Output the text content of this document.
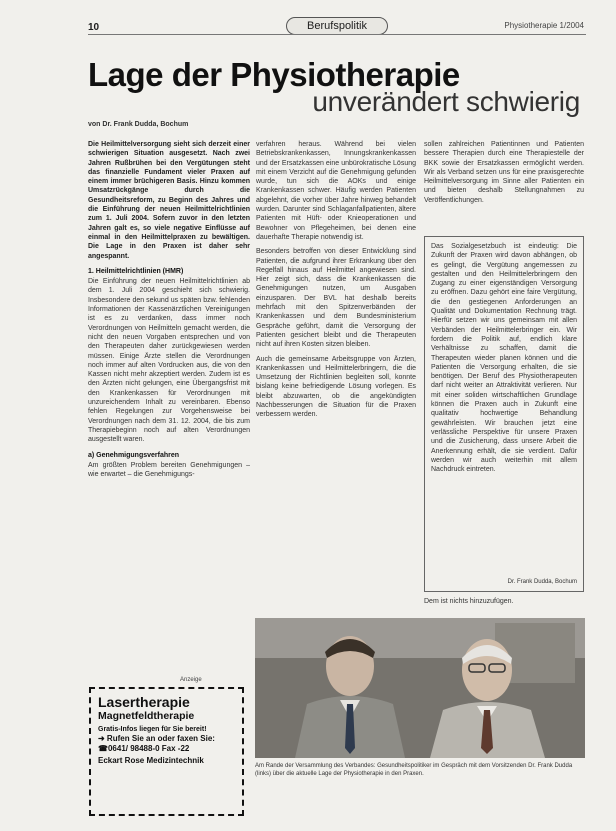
10	Berufspolitik	Physiotherapie 1/2004
Lage der Physiotherapie
unverändert schwierig
von Dr. Frank Dudda, Bochum

Die Heilmittelversorgung sieht sich derzeit einer schwierigen Situation ausgesetzt. Nach zwei Jahren Rußbrühen bei den Vergütungen steht das finanzielle Fundament vieler Praxen auf einem immer brüchigeren Basis. Hinzu kommen Umsatzrückgänge durch die Gesundheitsreform, zu Beginn des Jahres und die Einführung der neuen Heilmittelrichtlinien zum 1. Juli 2004. Sofern zuvor in den letzten Jahren galt es, so viele negative Einflüsse auf einmal in den Heilmittelpraxen zu bewältigen. Die Lage in den Praxen ist daher sehr angespannt.

1. Heilmittelrichtlinien (HMR)

Die Einführung der neuen Heilmittelrichtlinien ab dem 1. Juli 2004 geschieht sich schwierig. Insbesondere den sekund us späten bzw. fehlenden Informationen der Kassenärztlichen Vereinigungen ist es zu verdanken, dass immer noch Verordnungen von Heilmitteln gemacht werden, die nicht den neuen Vorgaben entsprechen und von den Therapeuten daher zurückgewiesen werden müssen. Einige Ärzte stellen die Verordnungen noch immer auf alten Vordrucken aus, die von den Kassen nicht mehr akzeptiert werden. Zudem ist es den Ärzten nicht gelungen, eine Übergangsfrist mit den Krankenkassen für Verordnungen mit unzureichendem Inhalt zu vereinbaren. Ebenso fehlen Regelungen zur Vorgehensweise bei Verordnungen nach dem 31. 12. 2004, die bis zum Therapiebeginn noch auf alten Verordnungen ausgestellt waren.

a) Genehmigungsverfahren

Am größten Problem bereiten Genehmigungen – wie erwartet – die Genehmigungs-

verfahren heraus. Während bei vielen Betriebskrankenkassen, Innungskrankenkassen und der Ersatzkassen eine unbürokratische Lösung mit einem Verzicht auf die Genehmigung gefunden wurde, tun sich die AOKs und einige Krankenkassen schwer. Häufig werden Patienten abgelehnt, die vorher über Jahre hinweg behandelt wurden. Darunter sind Schlaganfallpatienten, ältere Patienten mit Hüft- oder Knieoperationen und Bewohner von Pflegeheimen, bei denen eine dauerhafte Therapie notwendig ist.

Besonders betroffen von dieser Entwicklung sind Patienten, die aufgrund ihrer Erkrankung über den Regelfall hinaus auf Heilmittel angewiesen sind. Hier zeigt sich, dass die Krankenkassen die Genehmigungen nutzen, um Ausgaben einzusparen. Der BVL hat deshalb bereits mehrfach mit den Spitzenverbänden der Krankenkassen und dem Bundesministerium Gespräche geführt, damit die Versorgung der Patienten gesichert bleibt und die Therapeuten nicht auf ihren Kosten sitzen bleiben.

Auch die gemeinsame Arbeitsgruppe von Ärzten, Krankenkassen und Heilmittelerbringern, die die Umsetzung der Richtlinien begleiten soll, konnte bislang keine befriedigende Lösung vorlegen. Es bleibt abzuwarten, ob die angekündigten Nachbesserungen die Situation für die Praxen verbessern werden.

sollen zahlreichen Patientinnen und Patienten bessere Therapien durch eine Therapiestelle der BKK sowie der Ersatzkassen ermöglicht werden. Wir als Verband setzen uns für eine praxisgerechte Heilmittelversorgung im Sinne aller Patienten ein und bieten deshalb Stellungnahmen zu Veröffentlichungen.

Das Sozialgesetzbuch ist eindeutig: Die Zukunft der Praxen wird davon abhängen, ob es gelingt, die Vergütung angemessen zu gestalten und den Heilmittelerbringern den Zugang zu einer eigenständigen Versorgung zu eröffnen. Dazu gehört eine faire Vergütung, die den gestiegenen Anforderungen an Qualität und Dokumentation Rechnung trägt. Hierfür setzen wir uns gemeinsam mit allen Verbänden der Heilmittelerbringer ein. Wir fordern die Politik auf, endlich klare Verhältnisse zu schaffen, damit die Therapeuten wieder planen können und die Patienten die Versorgung erhalten, die sie benötigen. Der Beruf des Physiotherapeuten darf nicht weiter an Attraktivität verlieren. Nur mit einer soliden wirtschaftlichen Grundlage können die Praxen auch in Zukunft eine qualitativ hochwertige Behandlung gewährleisten. Wir brauchen jetzt eine verlässliche Perspektive für unsere Praxen und die Zusicherung, dass unsere Arbeit die Anerkennung erhält, die sie verdient. Dafür werden wir auch weiterhin mit allem Nachdruck eintreten.
Dr. Frank Dudda, Bochum
Dem ist nichts hinzuzufügen.
Anzeige
Lasertherapie
Magnetfeldtherapie
Gratis-Infos liegen für Sie bereit!
➜ Rufen Sie an oder faxen Sie:
☎0641/ 98488-0 Fax -22
Eckart Rose Medizintechnik
Am Rande der Versammlung des Verbandes: Gesundheitspolitiker im Gespräch mit dem Vorsitzenden Dr. Frank Dudda (links) über die aktuelle Lage der Physiotherapie in den Praxen.
